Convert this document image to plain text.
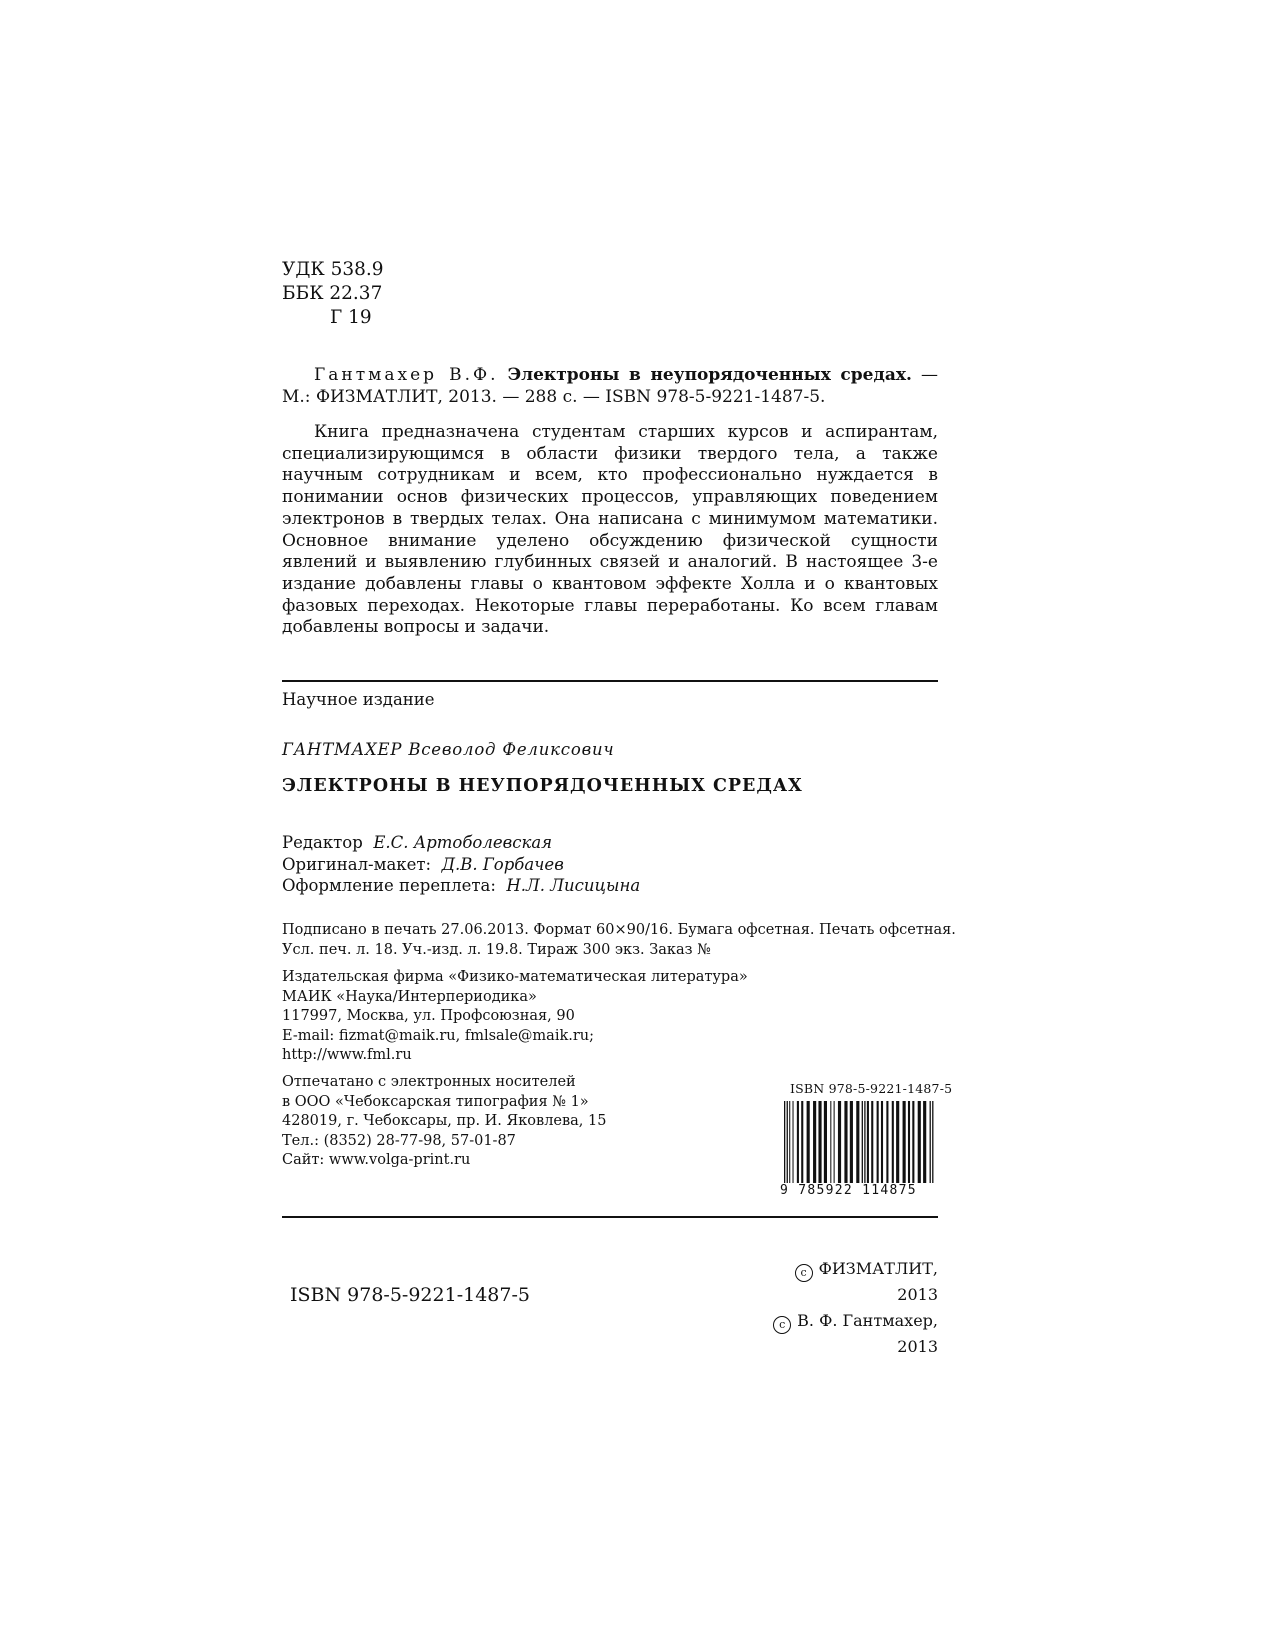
УДК 538.9
ББК 22.37
Г 19
Гантмахер В.Ф. Электроны в неупорядоченных средах. — М.: ФИЗМАТЛИТ, 2013. — 288 с. — ISBN 978-5-9221-1487-5.

Книга предназначена студентам старших курсов и аспирантам, специализирующимся в области физики твердого тела, а также научным сотрудникам и всем, кто профессионально нуждается в понимании основ физических процессов, управляющих поведением электронов в твердых телах. Она написана с минимумом математики. Основное внимание уделено обсуждению физической сущности явлений и выявлению глубинных связей и аналогий. В настоящее 3-е издание добавлены главы о квантовом эффекте Холла и о квантовых фазовых переходах. Некоторые главы переработаны. Ко всем главам добавлены вопросы и задачи.

Научное издание
ГАНТМАХЕР Всеволод Феликсович
ЭЛЕКТРОНЫ В НЕУПОРЯДОЧЕННЫХ СРЕДАХ
Редактор Е.С. Артоболевская
Оригинал-макет: Д.В. Горбачев
Оформление переплета: Н.Л. Лисицына
Подписано в печать 27.06.2013. Формат 60×90/16. Бумага офсетная. Печать офсетная.
Усл. печ. л. 18. Уч.-изд. л. 19.8. Тираж 300 экз. Заказ №
Издательская фирма «Физико-математическая литература»
МАИК «Наука/Интерпериодика»
117997, Москва, ул. Профсоюзная, 90
E-mail: fizmat@maik.ru, fmlsale@maik.ru;
http://www.fml.ru
Отпечатано с электронных носителей
в ООО «Чебоксарская типография № 1»
428019, г. Чебоксары, пр. И. Яковлева, 15
Тел.: (8352) 28-77-98, 57-01-87
Сайт: www.volga-print.ru
ISBN 978-5-9221-1487-5
9 785922 114875
ISBN 978-5-9221-1487-5
c ФИЗМАТЛИТ, 2013
c В. Ф. Гантмахер, 2013
